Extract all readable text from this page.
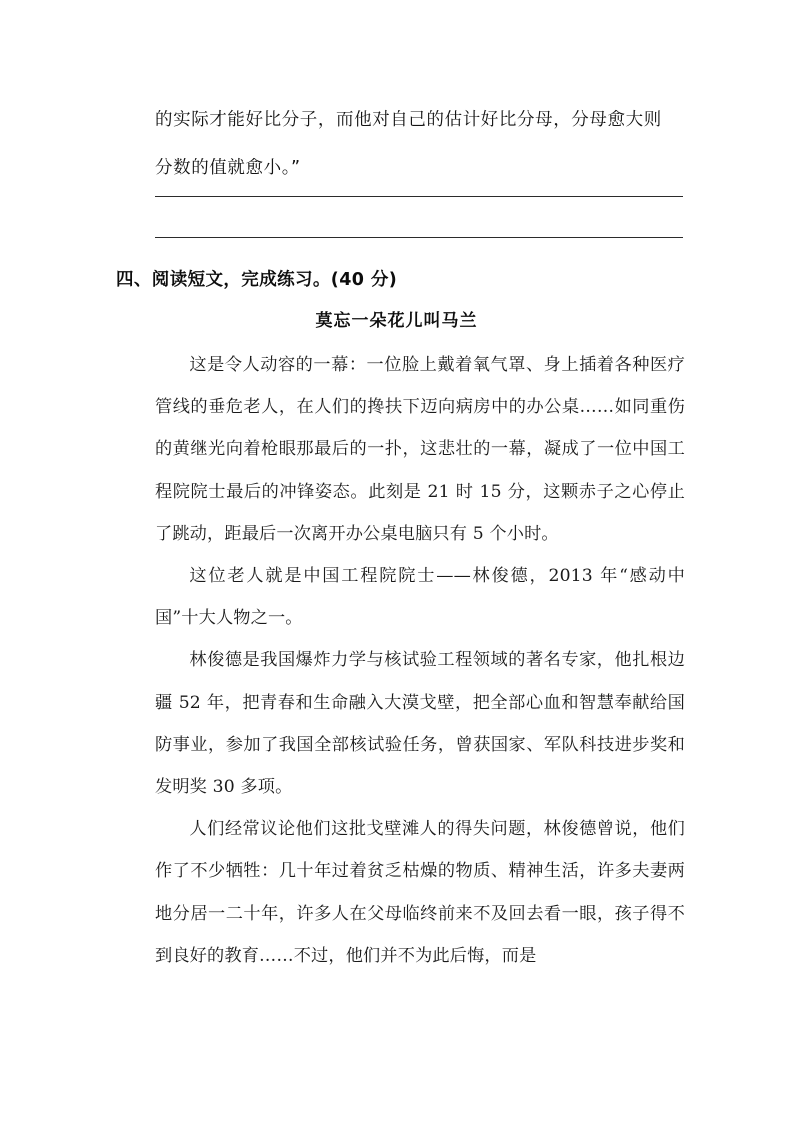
的实际才能好比分子，而他对自己的估计好比分母，分母愈大则
分数的值就愈小。”
四、阅读短文，完成练习。(40 分)
莫忘一朵花儿叫马兰

这是令人动容的一幕：一位脸上戴着氧气罩、身上插着各种医疗管线的垂危老人，在人们的搀扶下迈向病房中的办公桌……如同重伤的黄继光向着枪眼那最后的一扑，这悲壮的一幕，凝成了一位中国工程院院士最后的冲锋姿态。此刻是 21 时 15 分，这颗赤子之心停止了跳动，距最后一次离开办公桌电脑只有 5 个小时。

这位老人就是中国工程院院士——林俊德，2013 年“感动中国”十大人物之一。

林俊德是我国爆炸力学与核试验工程领域的著名专家，他扎根边疆 52 年，把青春和生命融入大漠戈壁，把全部心血和智慧奉献给国防事业，参加了我国全部核试验任务，曾获国家、军队科技进步奖和发明奖 30 多项。

人们经常议论他们这批戈壁滩人的得失问题，林俊德曾说，他们作了不少牺牲：几十年过着贫乏枯燥的物质、精神生活，许多夫妻两地分居一二十年，许多人在父母临终前来不及回去看一眼，孩子得不到良好的教育……不过，他们并不为此后悔，而是
